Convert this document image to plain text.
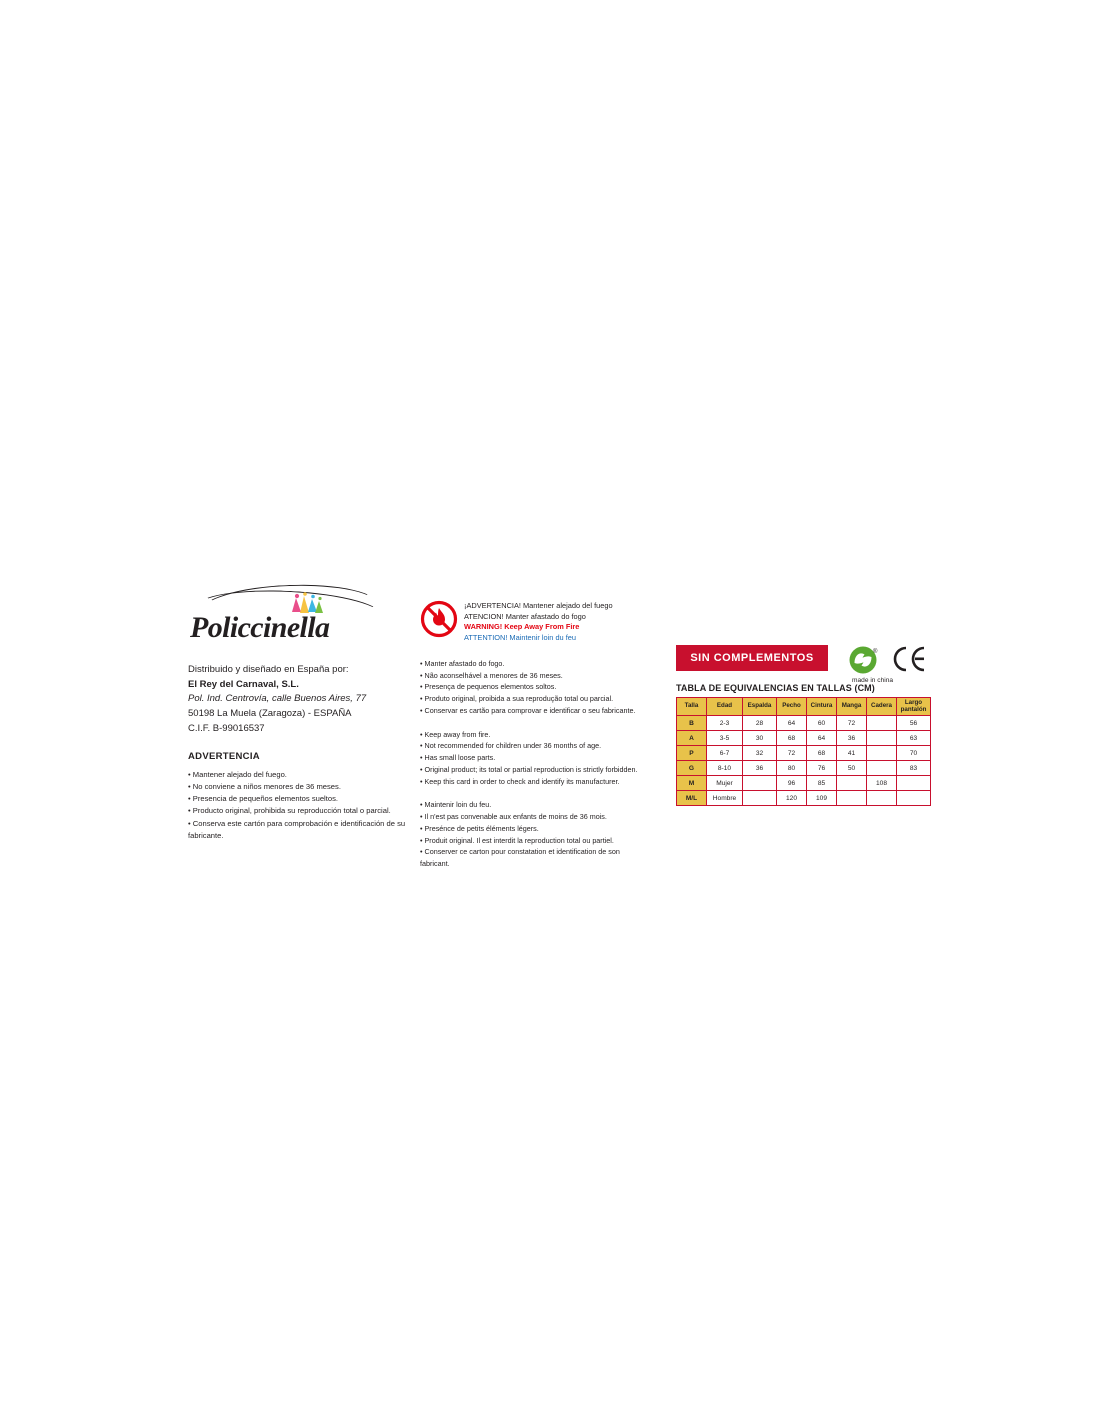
Policcinella
Distribuido y diseñado en España por:
El Rey del Carnaval, S.L.
Pol. Ind. Centrovía, calle Buenos Aires, 77
50198 La Muela (Zaragoza) - ESPAÑA
C.I.F. B-99016537
ADVERTENCIA
• Mantener alejado del fuego.
• No conviene a niños menores de 36 meses.
• Presencia de pequeños elementos sueltos.
• Producto original, prohibida su reproducción total o parcial.
• Conserva este cartón para comprobación e identificación de su fabricante.
¡ADVERTENCIA! Mantener alejado del fuego
ATENCION! Manter afastado do fogo
WARNING! Keep Away From Fire
ATTENTION! Maintenir loin du feu
• Manter afastado do fogo.
• Não aconselhável a menores de 36 meses.
• Presença de pequenos elementos soltos.
• Produto original, proibida a sua reprodução total ou parcial.
• Conservar es cartão para comprovar e identificar o seu fabricante.
• Keep away from fire.
• Not recommended for children under 36 months of age.
• Has small loose parts.
• Original product; its total or partial reproduction is strictly forbidden.
• Keep this card in order to check and identify its manufacturer.
• Maintenir loin du feu.
• Il n'est pas convenable aux enfants de moins de 36 mois.
• Presénce de petits éléments légers.
• Produit original. Il est interdit la reproduction total ou partiel.
• Conserver ce carton pour constatation et identification de son fabricant.
SIN COMPLEMENTOS	®
made in china
TABLA DE EQUIVALENCIAS EN TALLAS (CM)
Talla	Edad	Espalda	Pecho	Cintura	Manga	Cadera	Largo pantalón
B	2-3	28	64	60	72		56
A	3-5	30	68	64	36		63
P	6-7	32	72	68	41		70
G	8-10	36	80	76	50		83
M	Mujer		96	85		108	
M/L	Hombre		120	109			
